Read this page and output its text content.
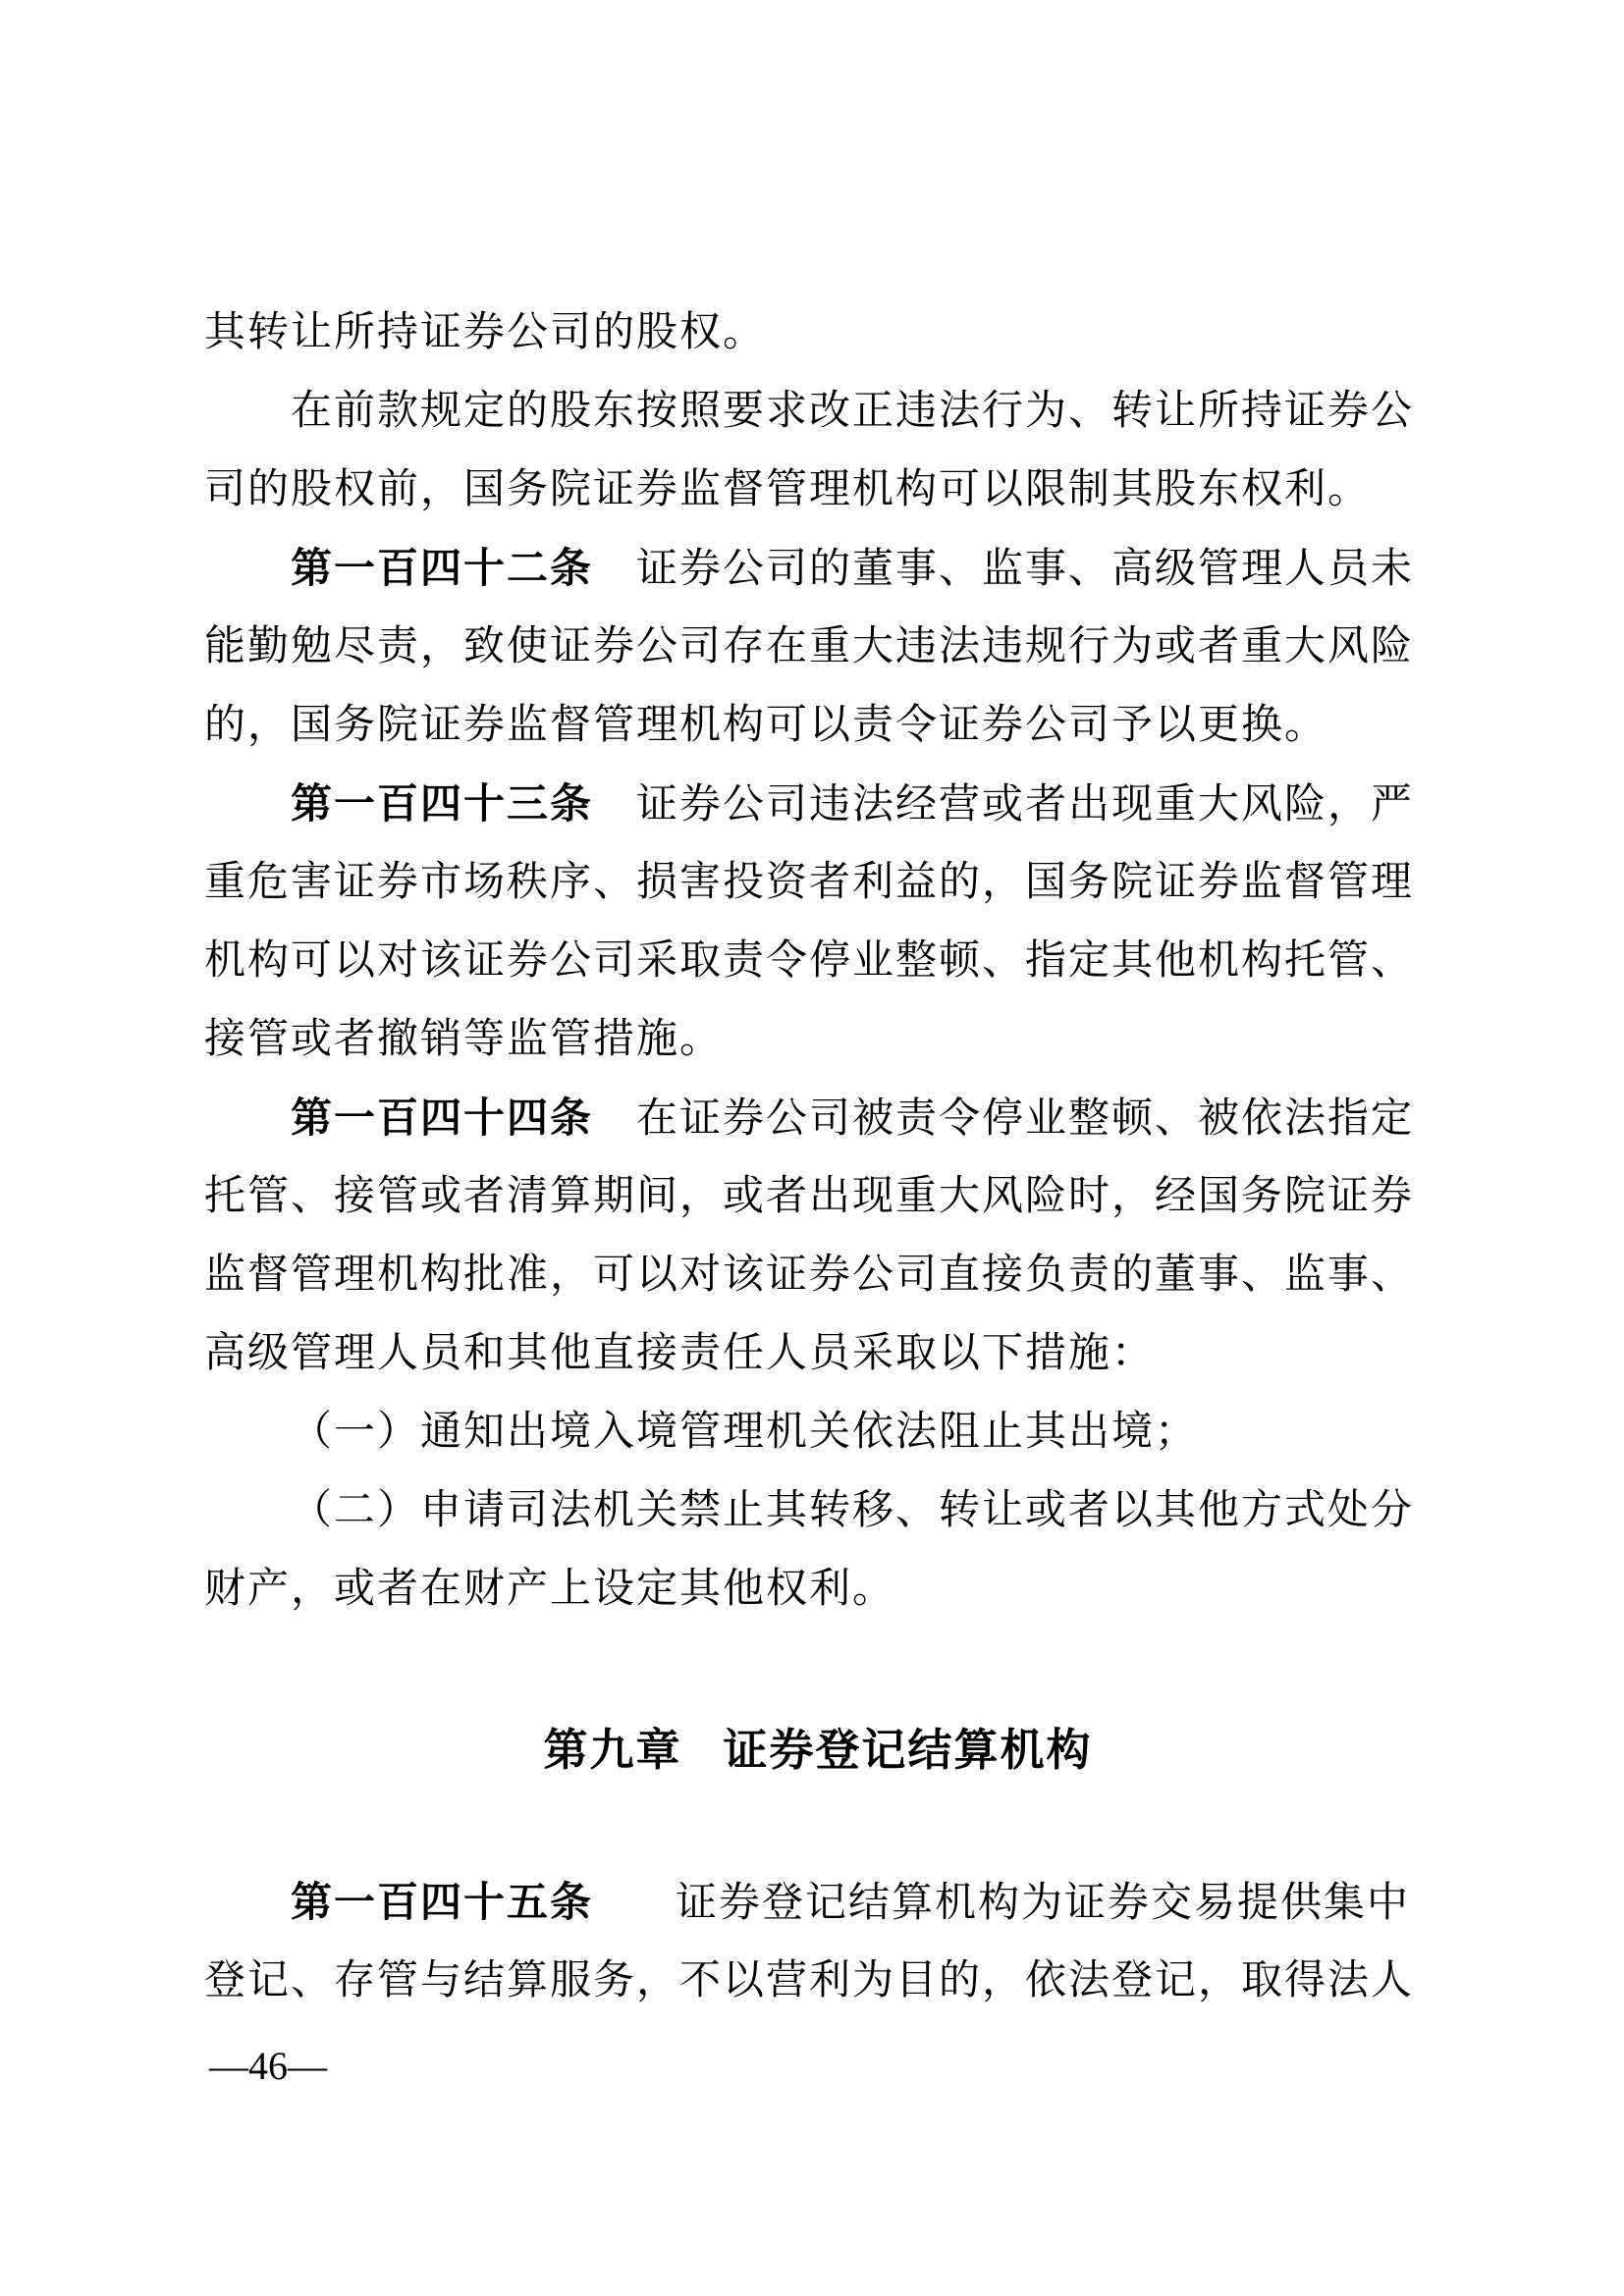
其转让所持证券公司的股权。
在前款规定的股东按照要求改正违法行为、转让所持证券公
司的股权前，国务院证券监督管理机构可以限制其股东权利。
第一百四十二条 证券公司的董事、监事、高级管理人员未
能勤勉尽责，致使证券公司存在重大违法违规行为或者重大风险
的，国务院证券监督管理机构可以责令证券公司予以更换。
第一百四十三条 证券公司违法经营或者出现重大风险，严
重危害证券市场秩序、损害投资者利益的，国务院证券监督管理
机构可以对该证券公司采取责令停业整顿、指定其他机构托管、
接管或者撤销等监管措施。
第一百四十四条 在证券公司被责令停业整顿、被依法指定
托管、接管或者清算期间，或者出现重大风险时，经国务院证券
监督管理机构批准，可以对该证券公司直接负责的董事、监事、
高级管理人员和其他直接责任人员采取以下措施：
（一）通知出境入境管理机关依法阻止其出境；
（二）申请司法机关禁止其转移、转让或者以其他方式处分
财产，或者在财产上设定其他权利。
第九章 证券登记结算机构
第一百四十五条 证券登记结算机构为证券交易提供集中
登记、存管与结算服务，不以营利为目的，依法登记，取得法人
—46—
